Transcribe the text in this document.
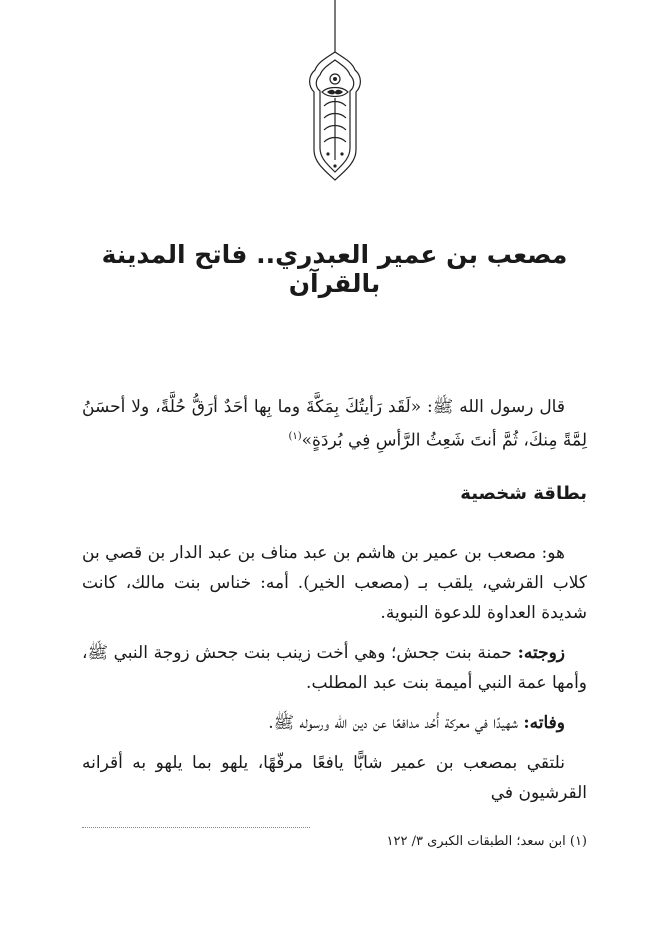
مصعب بن عمير العبدري.. فاتح المدينة بالقرآن

قال رسول الله ﷺ: «لَقَد رَأيتُكَ بِمَكَّةَ وما بِها أحَدٌ أرَقُّ حُلَّةً، ولا أحسَنُ لِمَّةً مِنكَ، ثُمَّ أنتَ شَعِثُ الرَّأسِ فِي بُردَةٍ»$^{(١)}$

بطاقة شخصية

هو: مصعب بن عمير بن هاشم بن عبد مناف بن عبد الدار بن قصي بن كلاب القرشي، يلقب بـ (مصعب الخير). أمه: خناس بنت مالك، كانت شديدة العداوة للدعوة النبوية.

زوجته: حمنة بنت جحش؛ وهي أخت زينب بنت جحش زوجة النبي ﷺ، وأمها عمة النبي أميمة بنت عبد المطلب.

وفاته: شهيدًا في معركة أُحُد مدافعًا عن دين الله ورسوله ﷺ.

نلتقي بمصعب بن عمير شابًّا يافعًا مرفّهًا، يلهو بما يلهو به أقرانه القرشيون في

(١) ابن سعد؛ الطبقات الكبرى ٣/ ١٢٢
